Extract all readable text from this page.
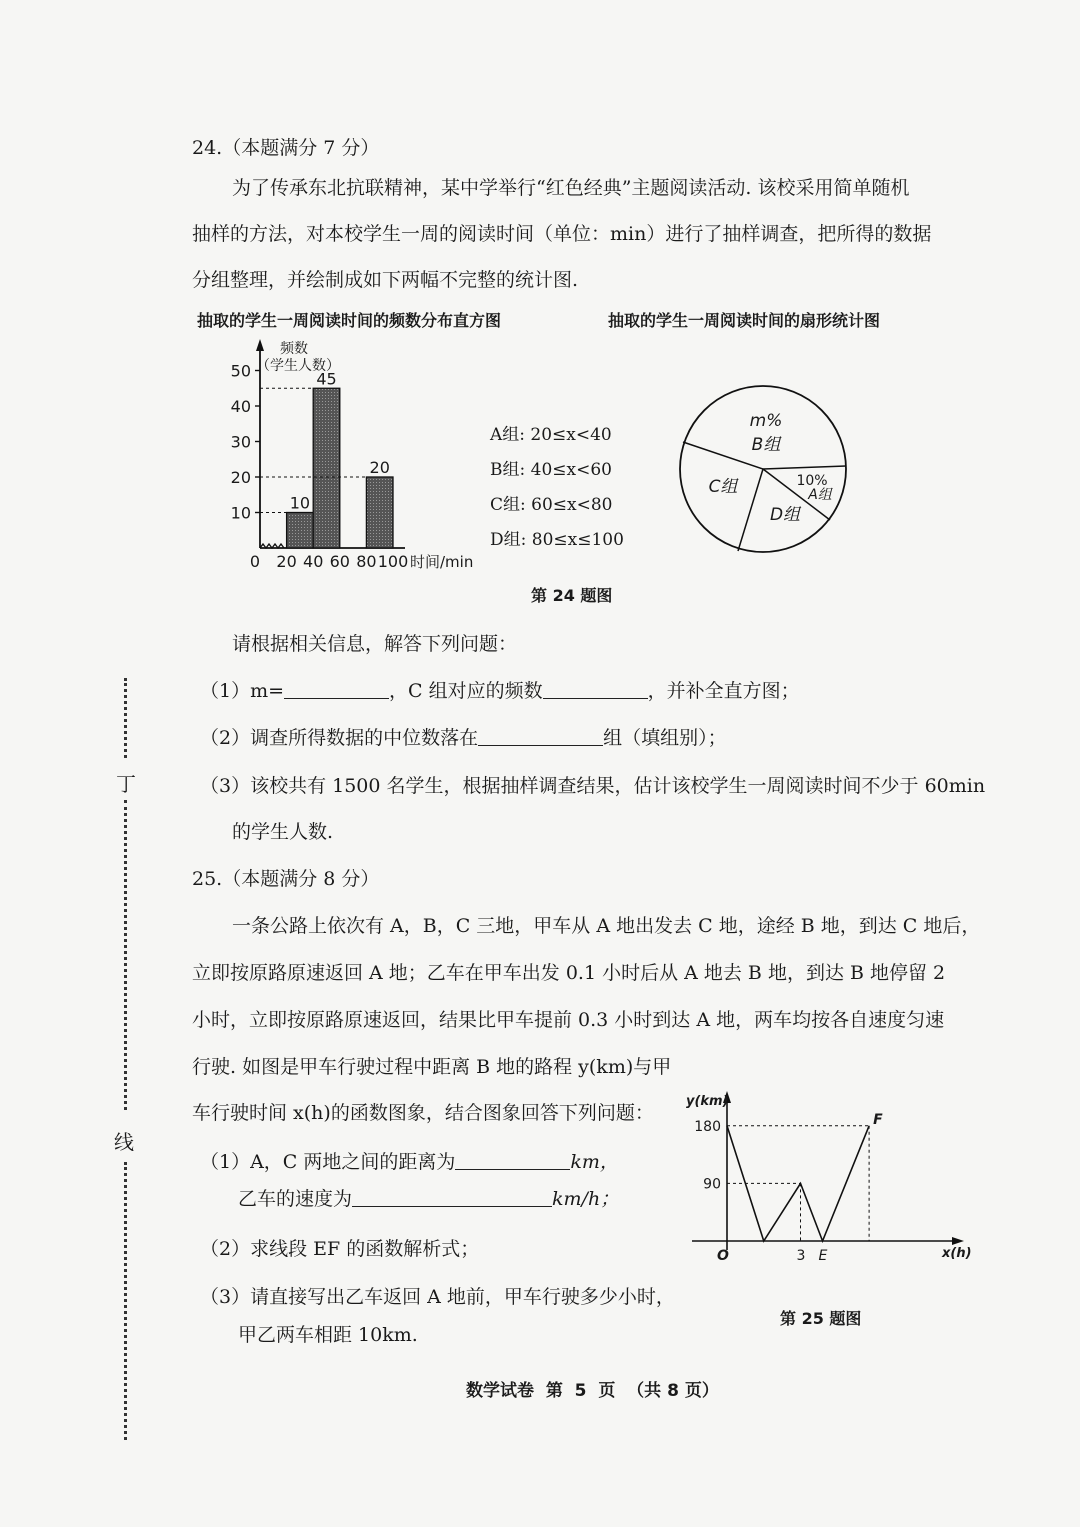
丁
线
24.（本题满分 7 分）
为了传承东北抗联精神，某中学举行“红色经典”主题阅读活动. 该校采用简单随机
抽样的方法，对本校学生一周的阅读时间（单位：min）进行了抽样调查，把所得的数据
分组整理，并绘制成如下两幅不完整的统计图.
抽取的学生一周阅读时间的频数分布直方图	抽取的学生一周阅读时间的扇形统计图
频数
（学生人数）
10
20
30
40
50
10
45
20
0 20 40 60 80 100 时间/min
A组: 20≤x<40
B组: 40≤x<60
C组: 60≤x<80
D组: 80≤x≤100
m%
B组
10%
A组
C组
D组
第 24 题图
请根据相关信息，解答下列问题：
（1）m=	，C 组对应的频数	，并补全直方图；
（2）调查所得数据的中位数落在	组（填组别）；
（3）该校共有 1500 名学生，根据抽样调查结果，估计该校学生一周阅读时间不少于 60min
的学生人数.
25.（本题满分 8 分）
一条公路上依次有 A，B，C 三地，甲车从 A 地出发去 C 地，途经 B 地，到达 C 地后，
立即按原路原速返回 A 地；乙车在甲车出发 0.1 小时后从 A 地去 B 地，到达 B 地停留 2
小时，立即按原路原速返回，结果比甲车提前 0.3 小时到达 A 地，两车均按各自速度匀速
行驶. 如图是甲车行驶过程中距离 B 地的路程 y(km)与甲
车行驶时间 x(h)的函数图象，结合图象回答下列问题：
（1）A，C 两地之间的距离为	km，
乙车的速度为	km/h；
（2）求线段 EF 的函数解析式；
（3）请直接写出乙车返回 A 地前，甲车行驶多少小时，
甲乙两车相距 10km.
y(km)
x(h)
90
180
O	3 E
F
第 25 题图
数学试卷  第  5  页  （共 8 页）
